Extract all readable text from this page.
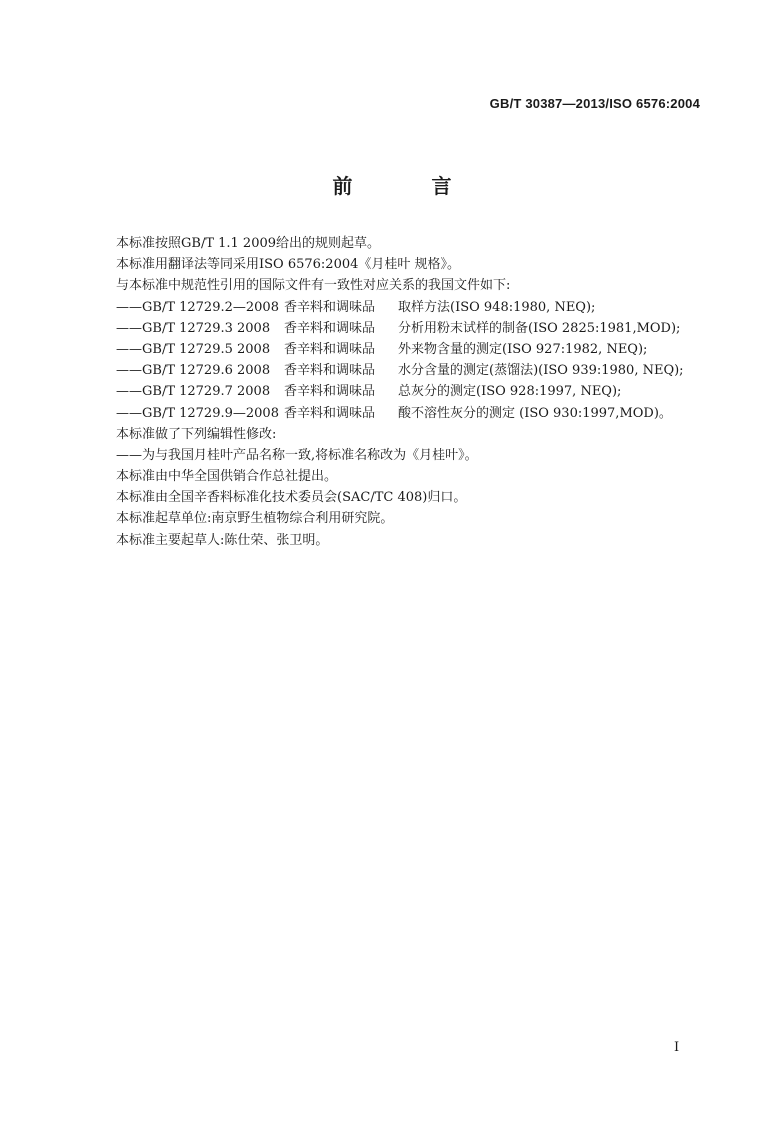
GB/T 30387—2013/ISO 6576:2004
前 言
本标准按照GB/T 1.1 2009给出的规则起草。
本标准用翻译法等同采用ISO 6576:2004《月桂叶 规格》。
与本标准中规范性引用的国际文件有一致性对应关系的我国文件如下:
——GB/T 12729.2—2008 香辛料和调味品	取样方法(ISO 948:1980, NEQ);
——GB/T 12729.3 2008	香辛料和调味品	分析用粉末试样的制备(ISO 2825:1981,MOD);
——GB/T 12729.5 2008	香辛料和调味品	外来物含量的测定(ISO 927:1982, NEQ);
——GB/T 12729.6 2008	香辛料和调味品	水分含量的测定(蒸馏法)(ISO 939:1980, NEQ);
——GB/T 12729.7 2008	香辛料和调味品	总灰分的测定(ISO 928:1997, NEQ);
——GB/T 12729.9—2008 香辛料和调味品	酸不溶性灰分的测定 (ISO 930:1997,MOD)。
本标准做了下列编辑性修改:
——为与我国月桂叶产品名称一致,将标准名称改为《月桂叶》。
本标准由中华全国供销合作总社提出。
本标准由全国辛香料标准化技术委员会(SAC/TC 408)归口。
本标准起草单位:南京野生植物综合利用研究院。
本标准主要起草人:陈仕荣、张卫明。
I
